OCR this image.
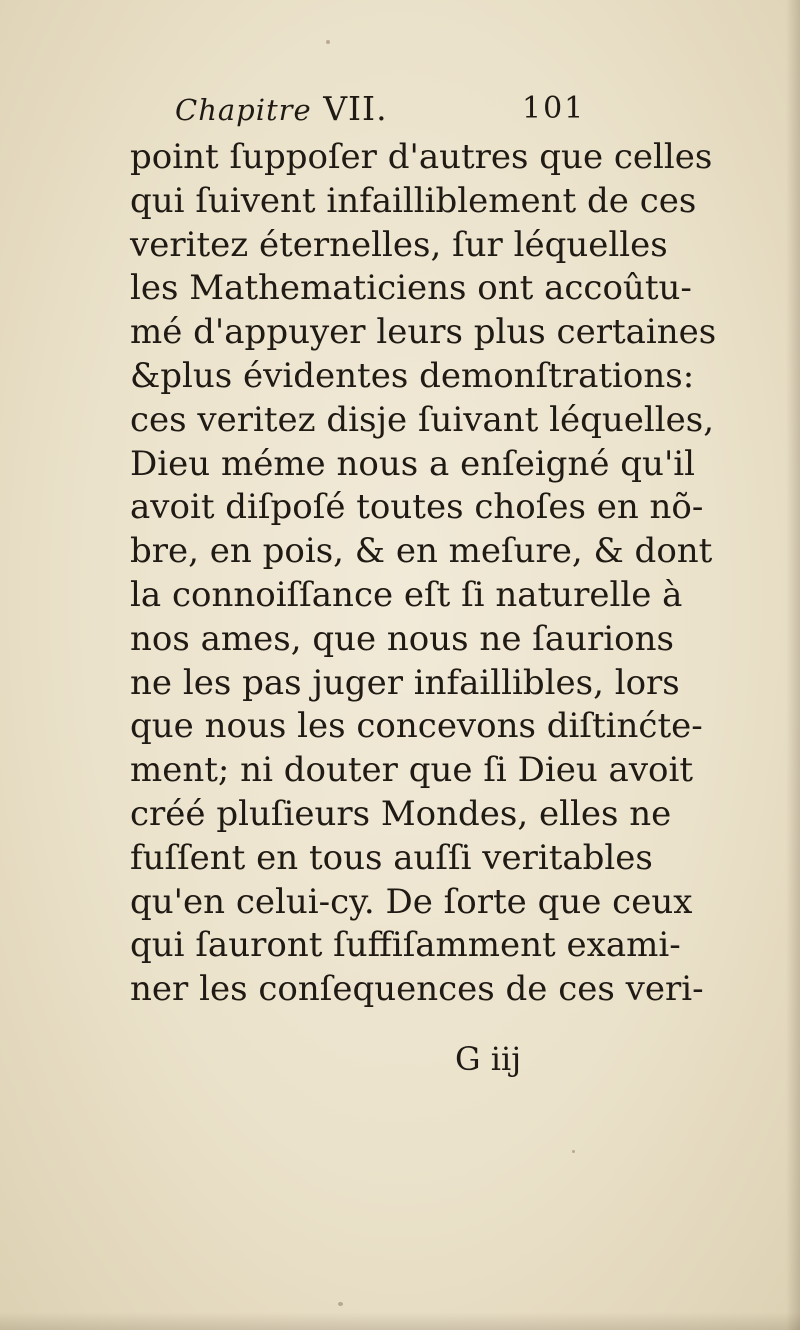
Chapitre VII.	101
point ſuppoſer d'autres que celles
qui ſuivent infailliblement de ces
veritez éternelles, ſur léquelles
les Mathematiciens ont accoûtu-
mé d'appuyer leurs plus certaines
&plus évidentes demonſtrations:
ces veritez disje ſuivant léquelles,
Dieu méme nous a enſeigné qu'il
avoit diſpoſé toutes choſes en nõ-
bre, en pois, & en meſure, & dont
la connoiſſance eſt ſi naturelle à
nos ames, que nous ne ſaurions
ne les pas juger infaillibles, lors
que nous les concevons diſtinćte-
ment; ni douter que ſi Dieu avoit
créé pluſieurs Mondes, elles ne
fuſſent en tous auſſi veritables
qu'en celui-cy. De ſorte que ceux
qui ſauront ſuffiſamment exami-
ner les conſequences de ces veri-
G iij
